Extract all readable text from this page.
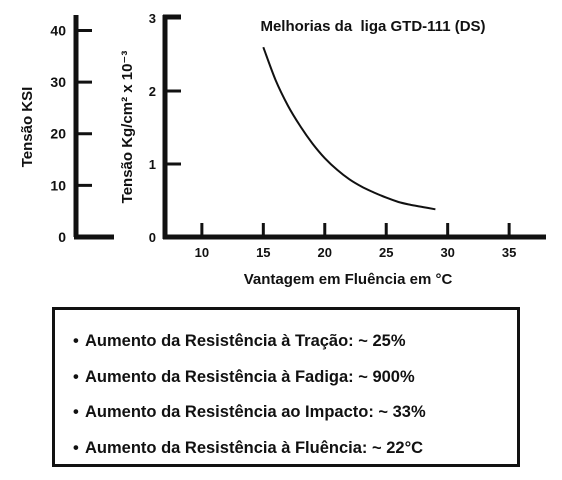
0
10
20
30
40
Tensão KSI
0
1
2
3
10	15	20	25	30	35
Tensão Kg/cm² x 10⁻³
Vantagem em Fluência em °C
Melhorias da  liga GTD-111 (DS)
• Aumento da Resistência à Tração: ~ 25%
• Aumento da Resistência à Fadiga: ~ 900%
• Aumento da Resistência ao Impacto: ~ 33%
• Aumento da Resistência à Fluência: ~ 22°C
